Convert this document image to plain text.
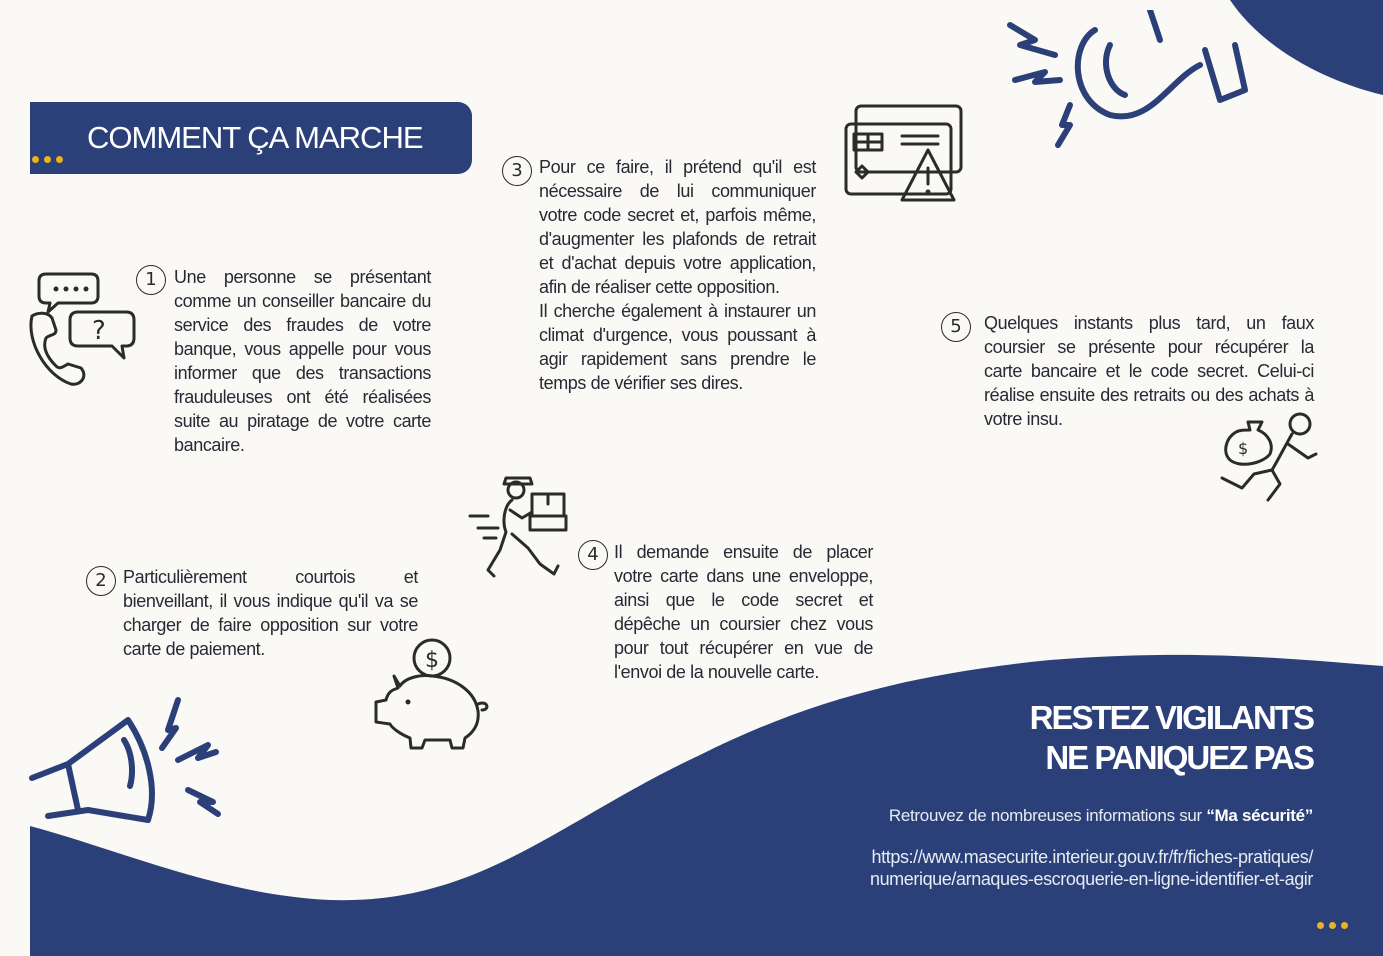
COMMENT ÇA MARCHE
?
1 Une personne se présentant comme un conseiller bancaire du service des fraudes de votre banque, vous appelle pour vous informer que des transactions frauduleuses ont été réalisées suite au piratage de votre carte bancaire.

2 Particulièrement courtois et bienveillant, il vous indique qu'il va se charger de faire opposition sur votre carte de paiement.	$
3 Pour ce faire, il prétend qu'il est nécessaire de lui communiquer votre code secret et, parfois même, d'augmenter les plafonds de retrait et d'achat depuis votre application, afin de réaliser cette opposition.

Il cherche également à instaurer un climat d'urgence, vous poussant à agir rapidement sans prendre le temps de vérifier ses dires.

4 Il demande ensuite de placer votre carte dans une enveloppe, ainsi que le code secret et dépêche un coursier chez vous pour tout récupérer en vue de l'envoi de la nouvelle carte.

5	Quelques instants plus tard, un faux coursier se présente pour récupérer la carte bancaire et le code secret. Celui-ci réalise ensuite des retraits ou des achats à votre insu.

$
RESTEZ VIGILANTS
NE PANIQUEZ PAS
Retrouvez de nombreuses informations sur “Ma sécurité”
https://www.masecurite.interieur.gouv.fr/fr/fiches-pratiques/
numerique/arnaques-escroquerie-en-ligne-identifier-et-agir
